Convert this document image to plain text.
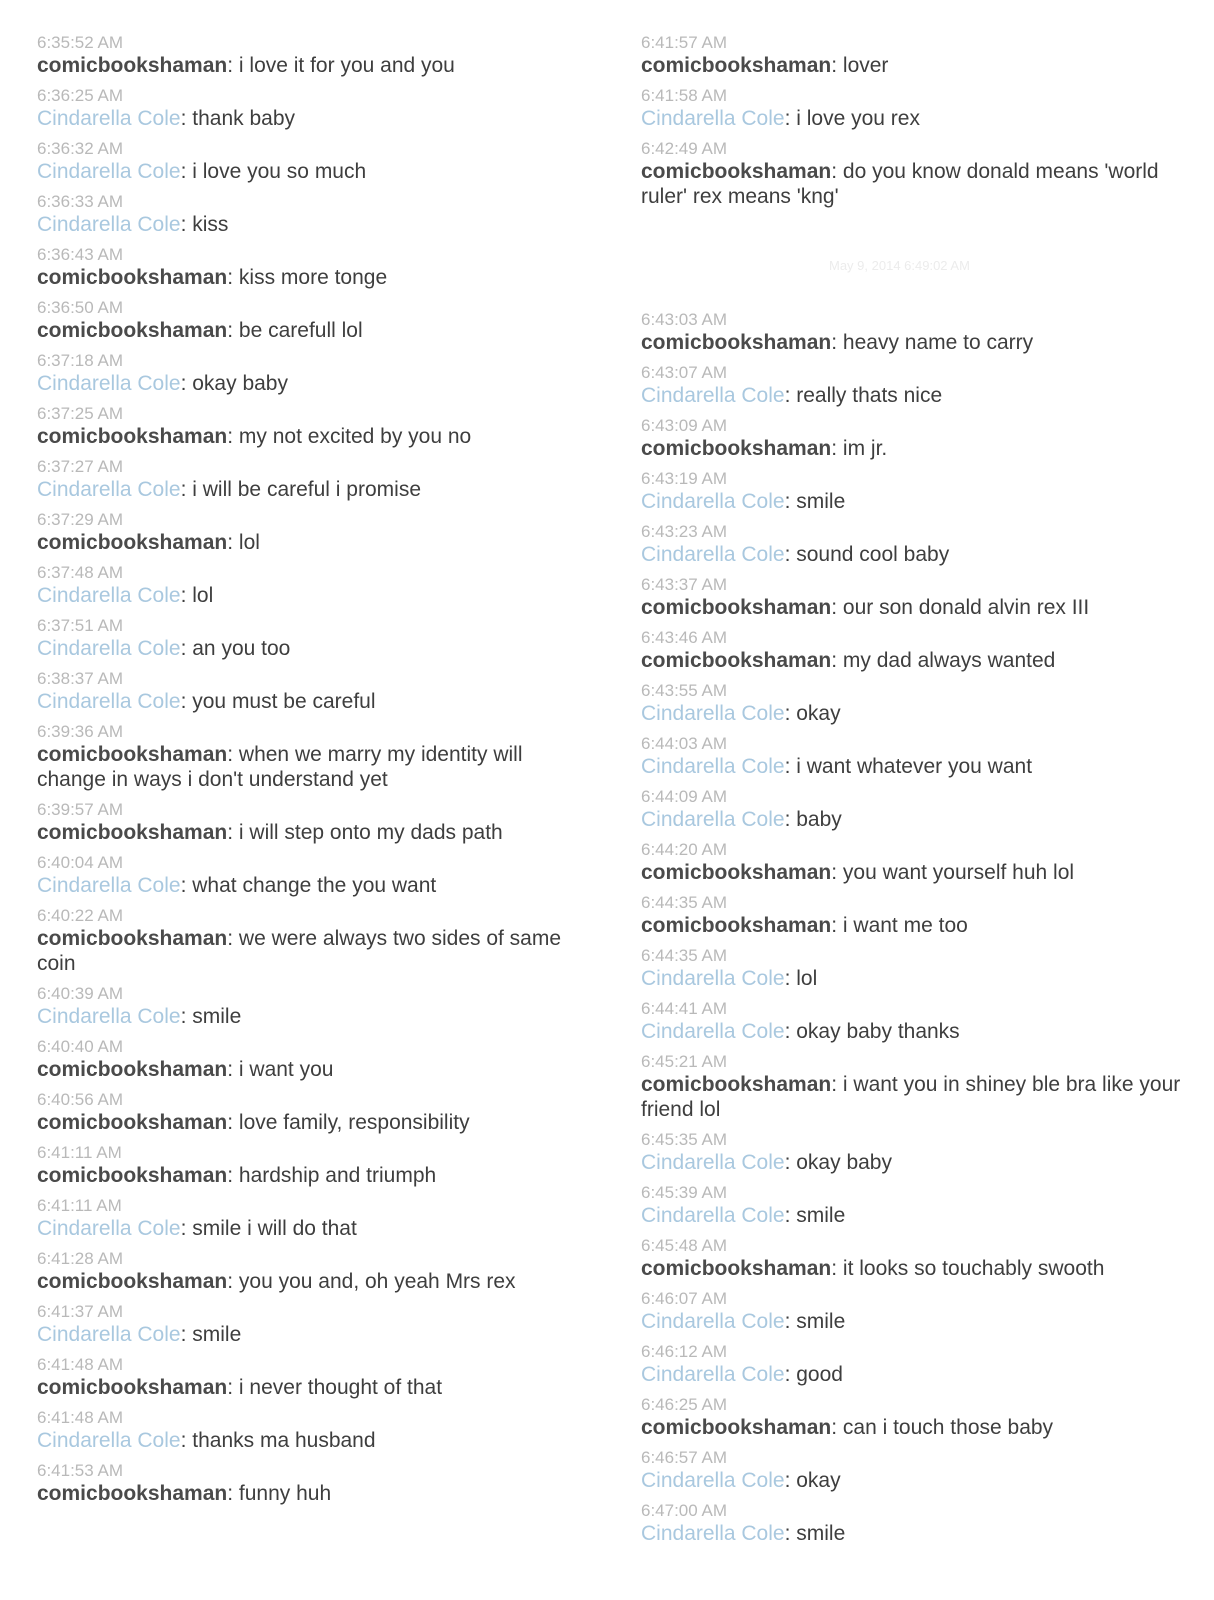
6:35:52 AM
comicbookshaman: i love it for you and you
6:36:25 AM
Cindarella Cole: thank baby
6:36:32 AM
Cindarella Cole: i love you so much
6:36:33 AM
Cindarella Cole: kiss
6:36:43 AM
comicbookshaman: kiss more tonge
6:36:50 AM
comicbookshaman: be carefull lol
6:37:18 AM
Cindarella Cole: okay baby
6:37:25 AM
comicbookshaman: my not excited by you no
6:37:27 AM
Cindarella Cole: i will be careful i promise
6:37:29 AM
comicbookshaman: lol
6:37:48 AM
Cindarella Cole: lol
6:37:51 AM
Cindarella Cole: an you too
6:38:37 AM
Cindarella Cole: you must be careful
6:39:36 AM
comicbookshaman: when we marry my identity will change in ways i don't understand yet
6:39:57 AM
comicbookshaman: i will step onto my dads path
6:40:04 AM
Cindarella Cole: what change the you want
6:40:22 AM
comicbookshaman: we were always two sides of same coin
6:40:39 AM
Cindarella Cole: smile
6:40:40 AM
comicbookshaman: i want you
6:40:56 AM
comicbookshaman: love family, responsibility
6:41:11 AM
comicbookshaman: hardship and triumph
6:41:11 AM
Cindarella Cole: smile i will do that
6:41:28 AM
comicbookshaman: you you and, oh yeah Mrs rex
6:41:37 AM
Cindarella Cole: smile
6:41:48 AM
comicbookshaman: i never thought of that
6:41:48 AM
Cindarella Cole: thanks ma husband
6:41:53 AM
comicbookshaman: funny huh
6:41:57 AM
comicbookshaman: lover
6:41:58 AM
Cindarella Cole: i love you rex
6:42:49 AM
comicbookshaman: do you know donald means 'world ruler' rex means 'kng'
May 9, 2014 6:49:02 AM
6:43:03 AM
comicbookshaman: heavy name to carry
6:43:07 AM
Cindarella Cole: really thats nice
6:43:09 AM
comicbookshaman: im jr.
6:43:19 AM
Cindarella Cole: smile
6:43:23 AM
Cindarella Cole: sound cool baby
6:43:37 AM
comicbookshaman: our son donald alvin rex III
6:43:46 AM
comicbookshaman: my dad always wanted
6:43:55 AM
Cindarella Cole: okay
6:44:03 AM
Cindarella Cole: i want whatever you want
6:44:09 AM
Cindarella Cole: baby
6:44:20 AM
comicbookshaman: you want yourself huh lol
6:44:35 AM
comicbookshaman: i want me too
6:44:35 AM
Cindarella Cole: lol
6:44:41 AM
Cindarella Cole: okay baby thanks
6:45:21 AM
comicbookshaman: i want you in shiney ble bra like your friend lol
6:45:35 AM
Cindarella Cole: okay baby
6:45:39 AM
Cindarella Cole: smile
6:45:48 AM
comicbookshaman: it looks so touchably swooth
6:46:07 AM
Cindarella Cole: smile
6:46:12 AM
Cindarella Cole: good
6:46:25 AM
comicbookshaman: can i touch those baby
6:46:57 AM
Cindarella Cole: okay
6:47:00 AM
Cindarella Cole: smile
